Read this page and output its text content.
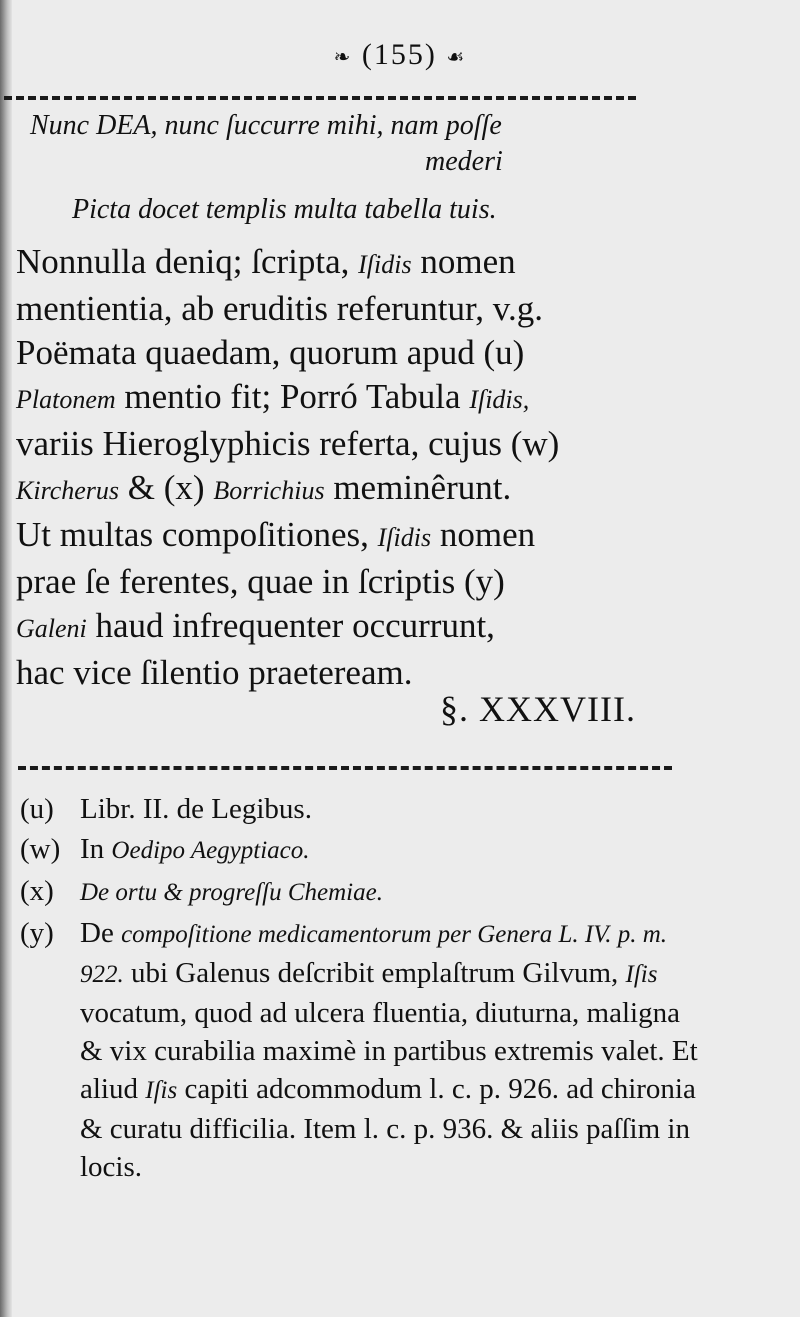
❧ (155) ☙
Nunc DEA, nunc ſuccurre mihi, nam poſſe
mederi
Picta docet templis multa tabella tuis.

Nonnulla deniq; ſcripta, Iſidis nomen

mentientia, ab eruditis referuntur, v.g.

Poëmata quaedam, quorum apud (u)

Platonem mentio fit; Porró Tabula Iſidis,

variis Hieroglyphicis referta, cujus (w)

Kircherus & (x) Borrichius meminêrunt.

Ut multas compoſitiones, Iſidis nomen

prae ſe ferentes, quae in ſcriptis (y)

Galeni haud infrequenter occurrunt,

hac vice ſilentio praeteream.

§. XXXVIII.
(u) Libr. II. de Legibus.
(w) In Oedipo Aegyptiaco.
(x)	De ortu & progreſſu Chemiae.
(y) De compoſitione medicamentorum per Genera L. IV. p. m. 922. ubi Galenus deſcribit emplaſtrum Gilvum, Iſis vocatum, quod ad ulcera fluentia, diuturna, maligna & vix curabilia maximè in partibus extremis valet. Et aliud Iſis capiti adcommodum l. c. p. 926. ad chironia & curatu difficilia. Item l. c. p. 936. & aliis paſſim in locis.
